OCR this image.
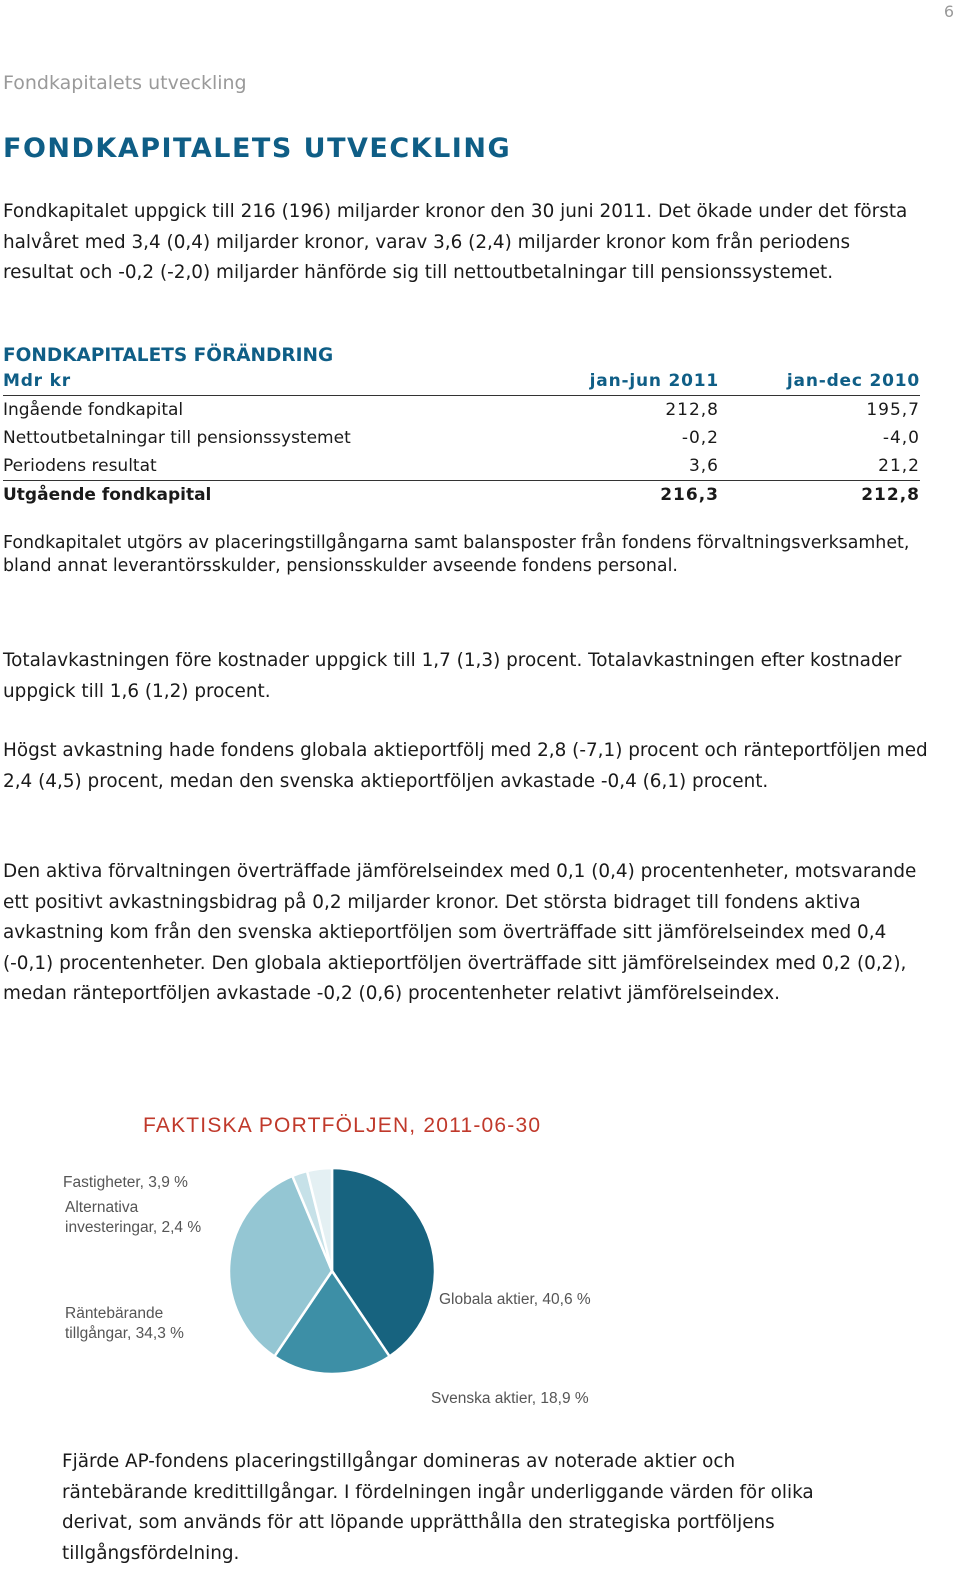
6
Fondkapitalets utveckling
FONDKAPITALETS UTVECKLING

Fondkapitalet uppgick till 216 (196) miljarder kronor den 30 juni 2011. Det ökade under det första halvåret med 3,4 (0,4) miljarder kronor, varav 3,6 (2,4) miljarder kronor kom från periodens resultat och -0,2 (-2,0) miljarder hänförde sig till nettoutbetalningar till pensionssystemet.

FONDKAPITALETS FÖRÄNDRING
Mdr kr	jan-jun 2011	jan-dec 2010
Ingående fondkapital	212,8	195,7
Nettoutbetalningar till pensionssystemet	-0,2	-4,0
Periodens resultat	3,6	21,2
Utgående fondkapital	216,3	212,8

Fondkapitalet utgörs av placeringstillgångarna samt balansposter från fondens förvaltningsverksamhet, bland annat leverantörsskulder, pensionsskulder avseende fondens personal.

Totalavkastningen före kostnader uppgick till 1,7 (1,3) procent. Totalavkastningen efter kostnader uppgick till 1,6 (1,2) procent.

Högst avkastning hade fondens globala aktieportfölj med 2,8 (-7,1) procent och ränteportföljen med 2,4 (4,5) procent, medan den svenska aktieportföljen avkastade -0,4 (6,1) procent.

Den aktiva förvaltningen överträffade jämförelseindex med 0,1 (0,4) procentenheter, motsvarande ett positivt avkastningsbidrag på 0,2 miljarder kronor. Det största bidraget till fondens aktiva avkastning kom från den svenska aktieportföljen som överträffade sitt jämförelseindex med 0,4 (-0,1) procentenheter. Den globala aktieportföljen överträffade sitt jämförelseindex med 0,2 (0,2), medan ränteportföljen avkastade -0,2 (0,6) procentenheter relativt jämförelseindex.

FAKTISKA PORTFÖLJEN, 2011-06-30
Fastigheter, 3,9 %
Alternativa
investeringar, 2,4 %
Räntebärande
tillgångar, 34,3 %
Globala aktier, 40,6 %
Svenska aktier, 18,9 %

Fjärde AP-fondens placeringstillgångar domineras av noterade aktier och räntebärande kredittillgångar. I fördelningen ingår underliggande värden för olika derivat, som används för att löpande upprätthålla den strategiska portföljens tillgångsfördelning.
